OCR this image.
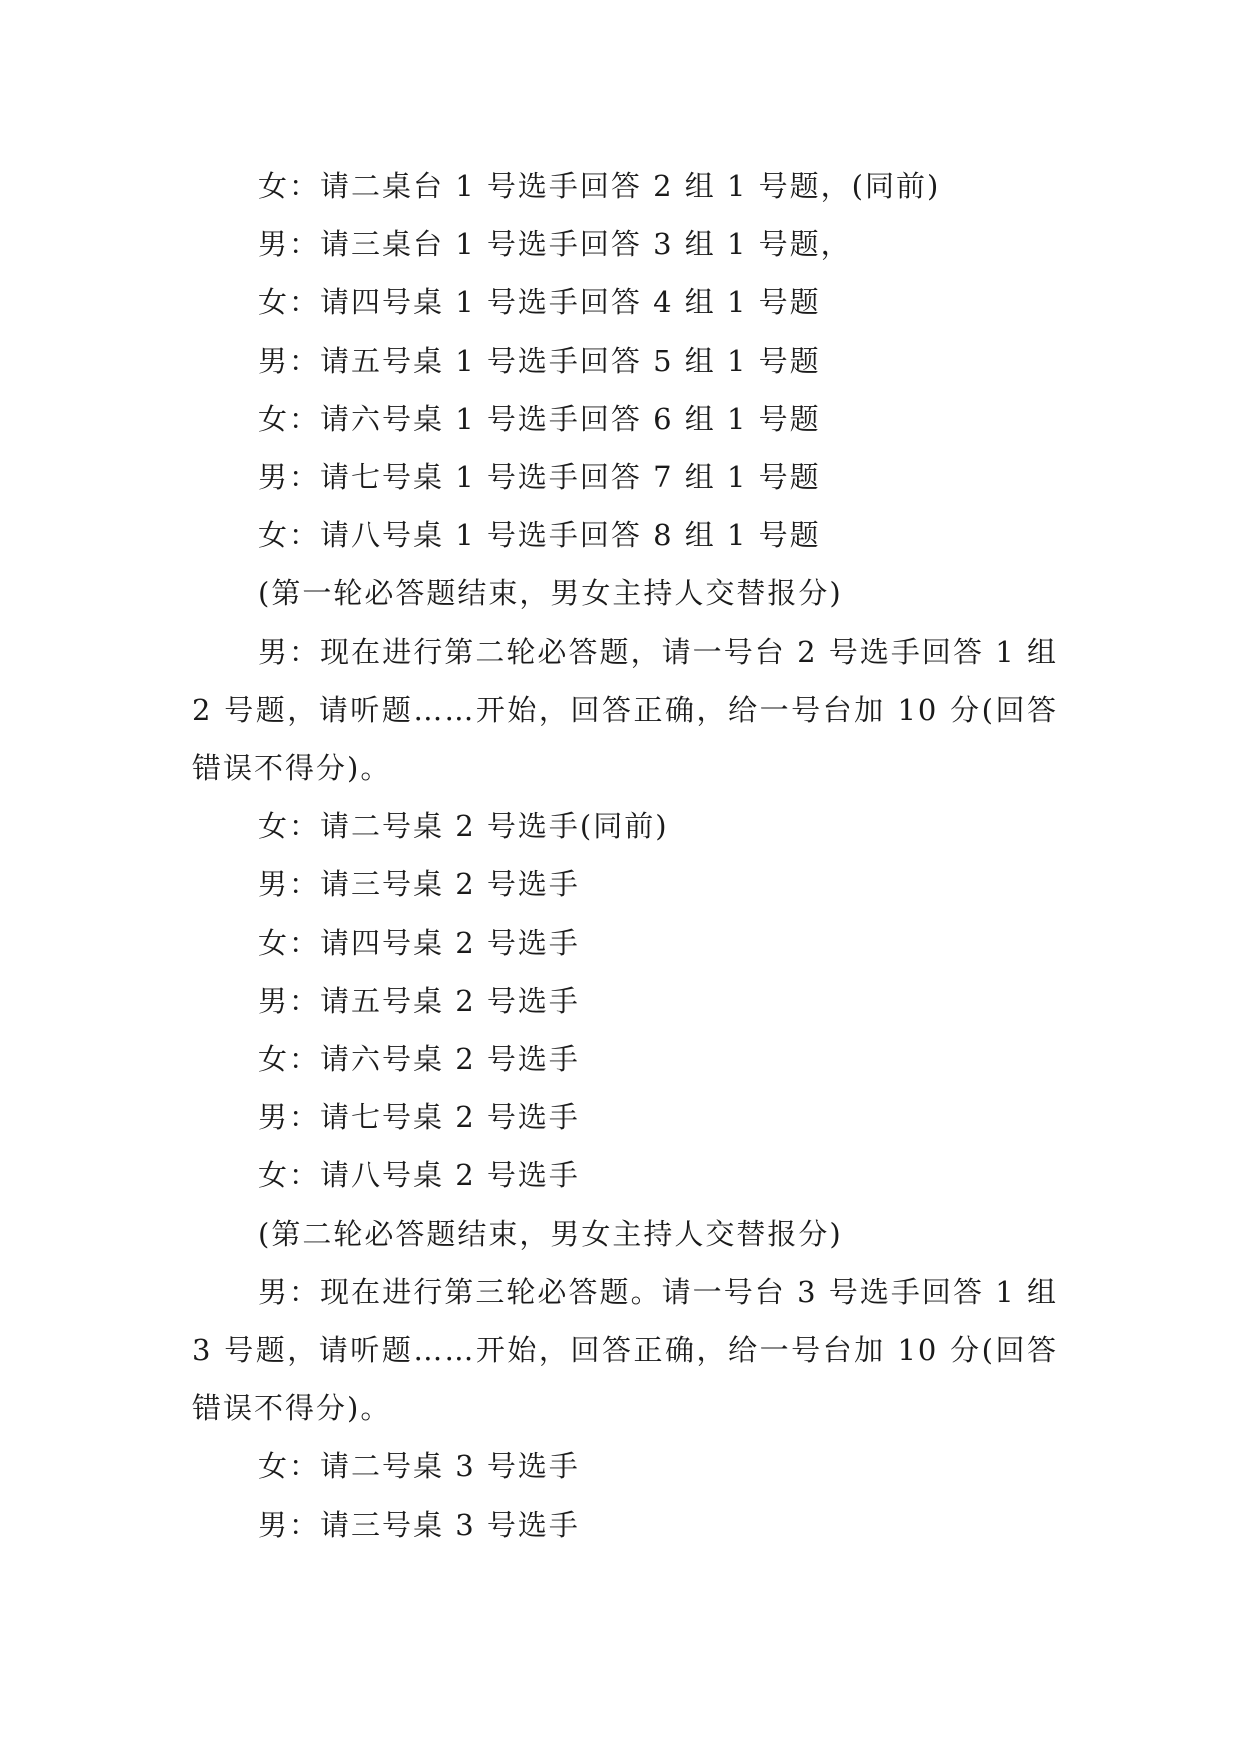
女：请二桌台 1 号选手回答 2 组 1 号题，(同前)

男：请三桌台 1 号选手回答 3 组 1 号题，

女：请四号桌 1 号选手回答 4 组 1 号题

男：请五号桌 1 号选手回答 5 组 1 号题

女：请六号桌 1 号选手回答 6 组 1 号题

男：请七号桌 1 号选手回答 7 组 1 号题

女：请八号桌 1 号选手回答 8 组 1 号题

(第一轮必答题结束，男女主持人交替报分)

男：现在进行第二轮必答题，请一号台 2 号选手回答 1 组 2 号题，请听题……开始，回答正确，给一号台加 10 分(回答错误不得分)。

女：请二号桌 2 号选手(同前)

男：请三号桌 2 号选手

女：请四号桌 2 号选手

男：请五号桌 2 号选手

女：请六号桌 2 号选手

男：请七号桌 2 号选手

女：请八号桌 2 号选手

(第二轮必答题结束，男女主持人交替报分)

男：现在进行第三轮必答题。请一号台 3 号选手回答 1 组 3 号题，请听题……开始，回答正确，给一号台加 10 分(回答错误不得分)。

女：请二号桌 3 号选手

男：请三号桌 3 号选手
